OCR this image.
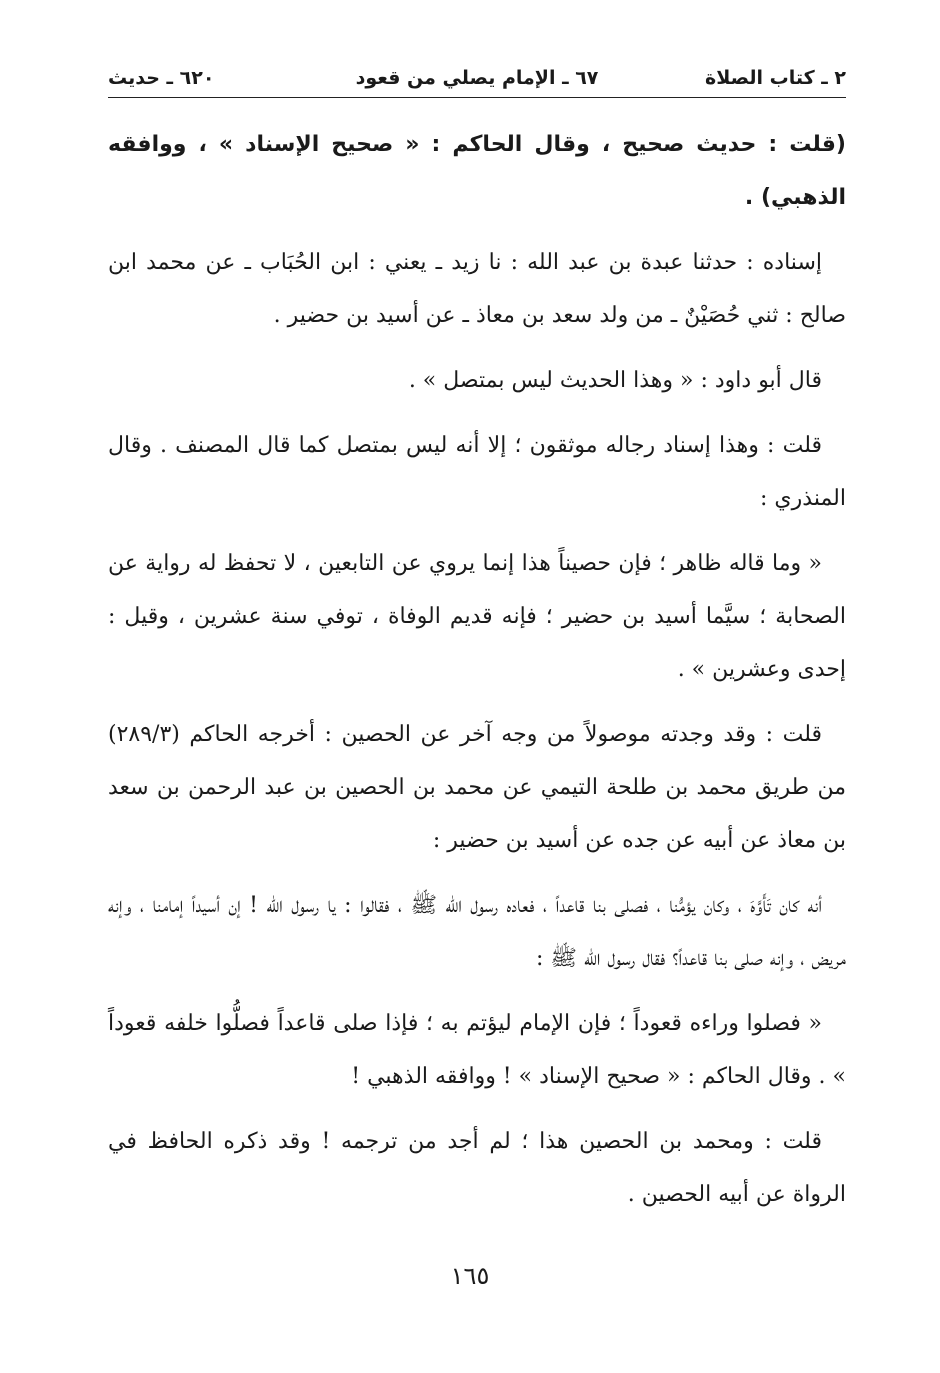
٢ ـ كتاب الصلاة
٦٧ ـ الإمام يصلي من قعود
٦٢٠ ـ حديث

(قلت : حديث صحيح ، وقال الحاكم : « صحيح الإسناد » ، ووافقه الذهبي) .

إسناده : حدثنا عبدة بن عبد الله : نا زيد ـ يعني : ابن الحُبَاب ـ عن محمد ابن صالح : ثني حُصَيْنٌ ـ من ولد سعد بن معاذ ـ عن أسيد بن حضير .

قال أبو داود : « وهذا الحديث ليس بمتصل » .

قلت : وهذا إسناد رجاله موثقون ؛ إلا أنه ليس بمتصل كما قال المصنف . وقال المنذري :

« وما قاله ظاهر ؛ فإن حصيناً هذا إنما يروي عن التابعين ، لا تحفظ له رواية عن الصحابة ؛ سيَّما أسيد بن حضير ؛ فإنه قديم الوفاة ، توفي سنة عشرين ، وقيل : إحدى وعشرين » .

قلت : وقد وجدته موصولاً من وجه آخر عن الحصين : أخرجه الحاكم (٢٨٩/٣) من طريق محمد بن طلحة التيمي عن محمد بن الحصين بن عبد الرحمن بن سعد بن معاذ عن أبيه عن جده عن أسيد بن حضير :

أنه كان تَأَوَّهَ ، وكان يؤمُّنا ، فصلى بنا قاعداً ، فعاده رسول الله ﷺ ، فقالوا : يا رسول الله ! إن أسيداً إمامنا ، وإنه مريض ، وإنه صلى بنا قاعداً؟ فقال رسول الله ﷺ :

« فصلوا وراءه قعوداً ؛ فإن الإمام ليؤتم به ؛ فإذا صلى قاعداً فصلُّوا خلفه قعوداً » . وقال الحاكم : « صحيح الإسناد » ! ووافقه الذهبي !

قلت : ومحمد بن الحصين هذا ؛ لم أجد من ترجمه ! وقد ذكره الحافظ في الرواة عن أبيه الحصين .

١٦٥
